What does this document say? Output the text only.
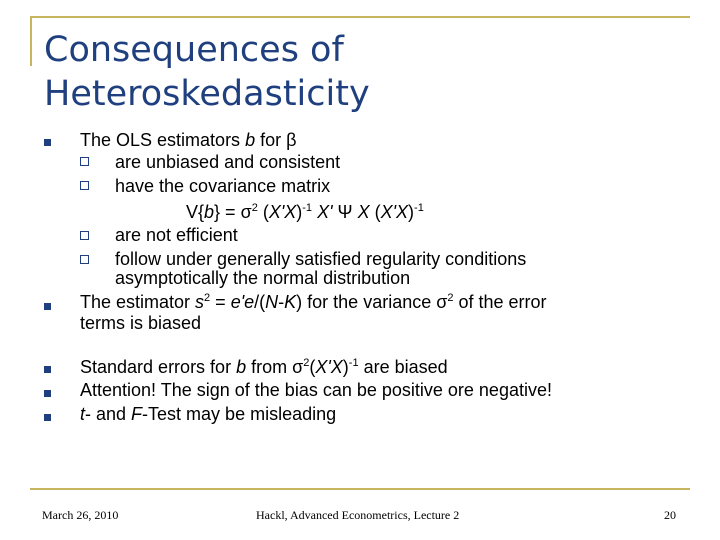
Consequences of
Heteroskedasticity
The OLS estimators b for β
are unbiased and consistent
have the covariance matrix
$V\{b\} = \sigma^2$ $(X'X)^{-1}$ X' Ψ X $(X'X)^{-1}$
are not efficient
follow under generally satisfied regularity conditions
asymptotically the normal distribution
The estimator $s^2 = e'e/(N-K)$ for the variance $\sigma^2$ of the error
terms is biased
Standard errors for b from $\sigma^2(X'X)^{-1}$ are biased
Attention! The sign of the bias can be positive ore negative!
t- and F-Test may be misleading
March 26, 2010	Hackl, Advanced Econometrics, Lecture 2	20
